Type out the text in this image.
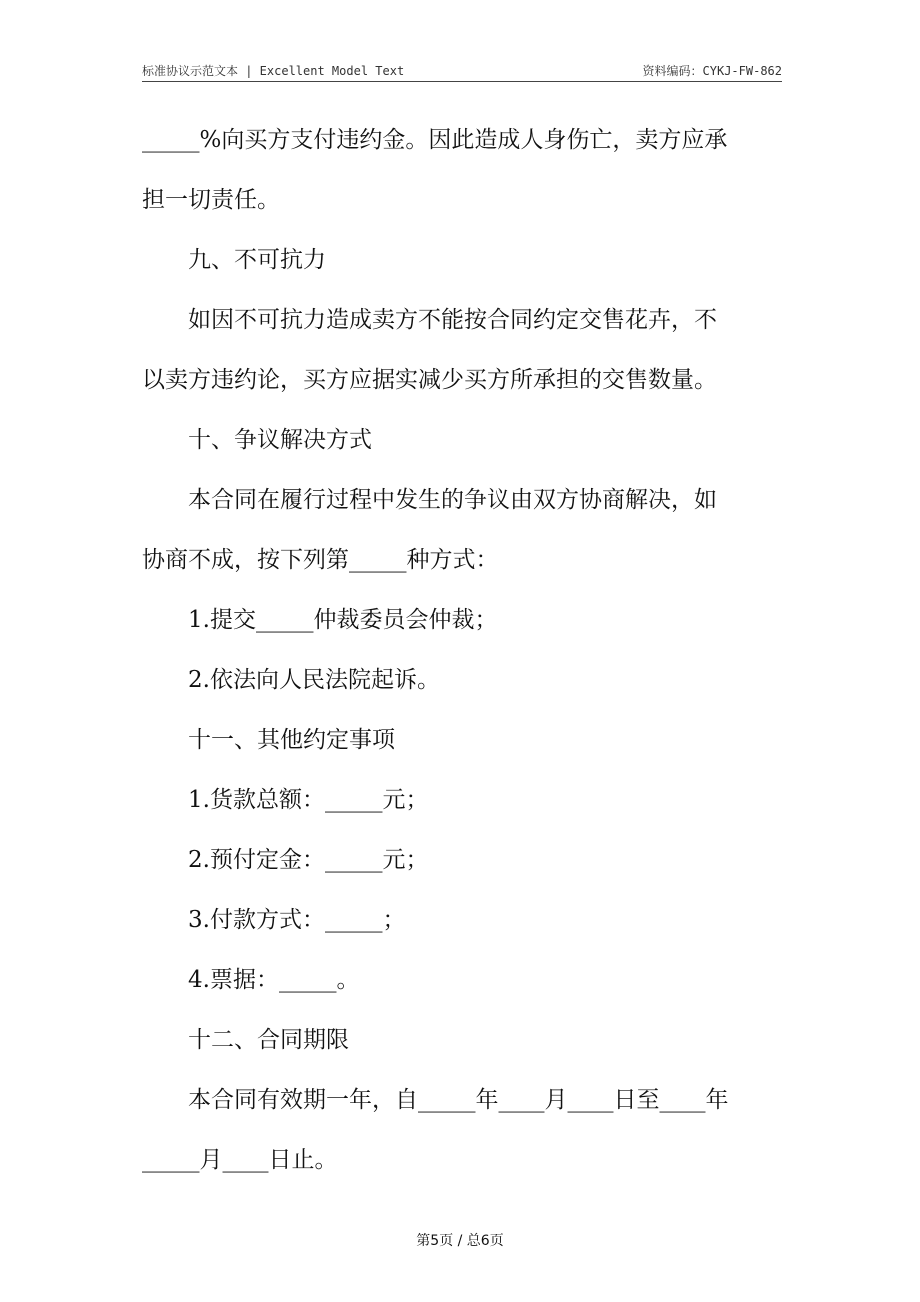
标准协议示范文本 | Excellent Model Text	资料编码：CYKJ-FW-862
_____%向买方支付违约金。因此造成人身伤亡，卖方应承
担一切责任。
九、不可抗力
如因不可抗力造成卖方不能按合同约定交售花卉，不
以卖方违约论，买方应据实减少买方所承担的交售数量。
十、争议解决方式
本合同在履行过程中发生的争议由双方协商解决，如
协商不成，按下列第_____种方式：
1.提交_____仲裁委员会仲裁；
2.依法向人民法院起诉。
十一、其他约定事项
1.货款总额：_____元；
2.预付定金：_____元；
3.付款方式：_____；
4.票据：_____。
十二、合同期限
本合同有效期一年，自_____年____月____日至____年
_____月____日止。
第5页 / 总6页
